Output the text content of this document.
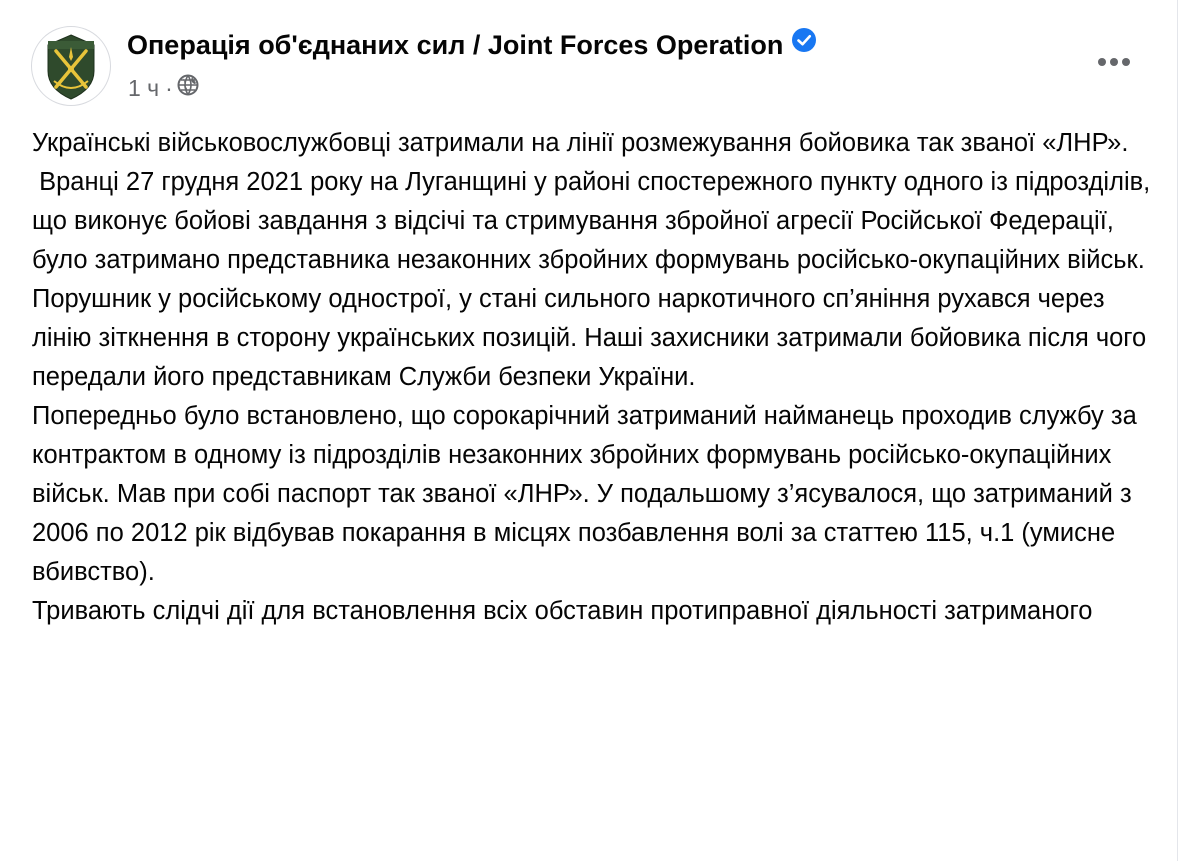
Операція об'єднаних сил / Joint Forces Operation
1 ч ·

Українські військовослужбовці затримали на лінії розмежування бойовика так званої «ЛНР».

Вранці 27 грудня 2021 року на Луганщині у районі спостережного пункту одного із підрозділів, що виконує бойові завдання з відсічі та стримування збройної агресії Російської Федерації, було затримано представника незаконних збройних формувань російсько-окупаційних військ.  Порушник у російському однострої, у стані сильного наркотичного сп’яніння рухався через лінію зіткнення в сторону українських позицій. Наші захисники затримали бойовика після чого передали його представникам Служби безпеки України.

Попередньо було встановлено, що сорокарічний затриманий найманець проходив службу за контрактом в одному із підрозділів незаконних збройних формувань російсько-окупаційних військ. Мав при собі паспорт так званої «ЛНР». У подальшому з’ясувалося, що затриманий з 2006 по 2012 рік відбував покарання в місцях позбавлення волі за статтею 115, ч.1 (умисне вбивство).

Тривають слідчі дії для встановлення всіх обставин протиправної діяльності затриманого
